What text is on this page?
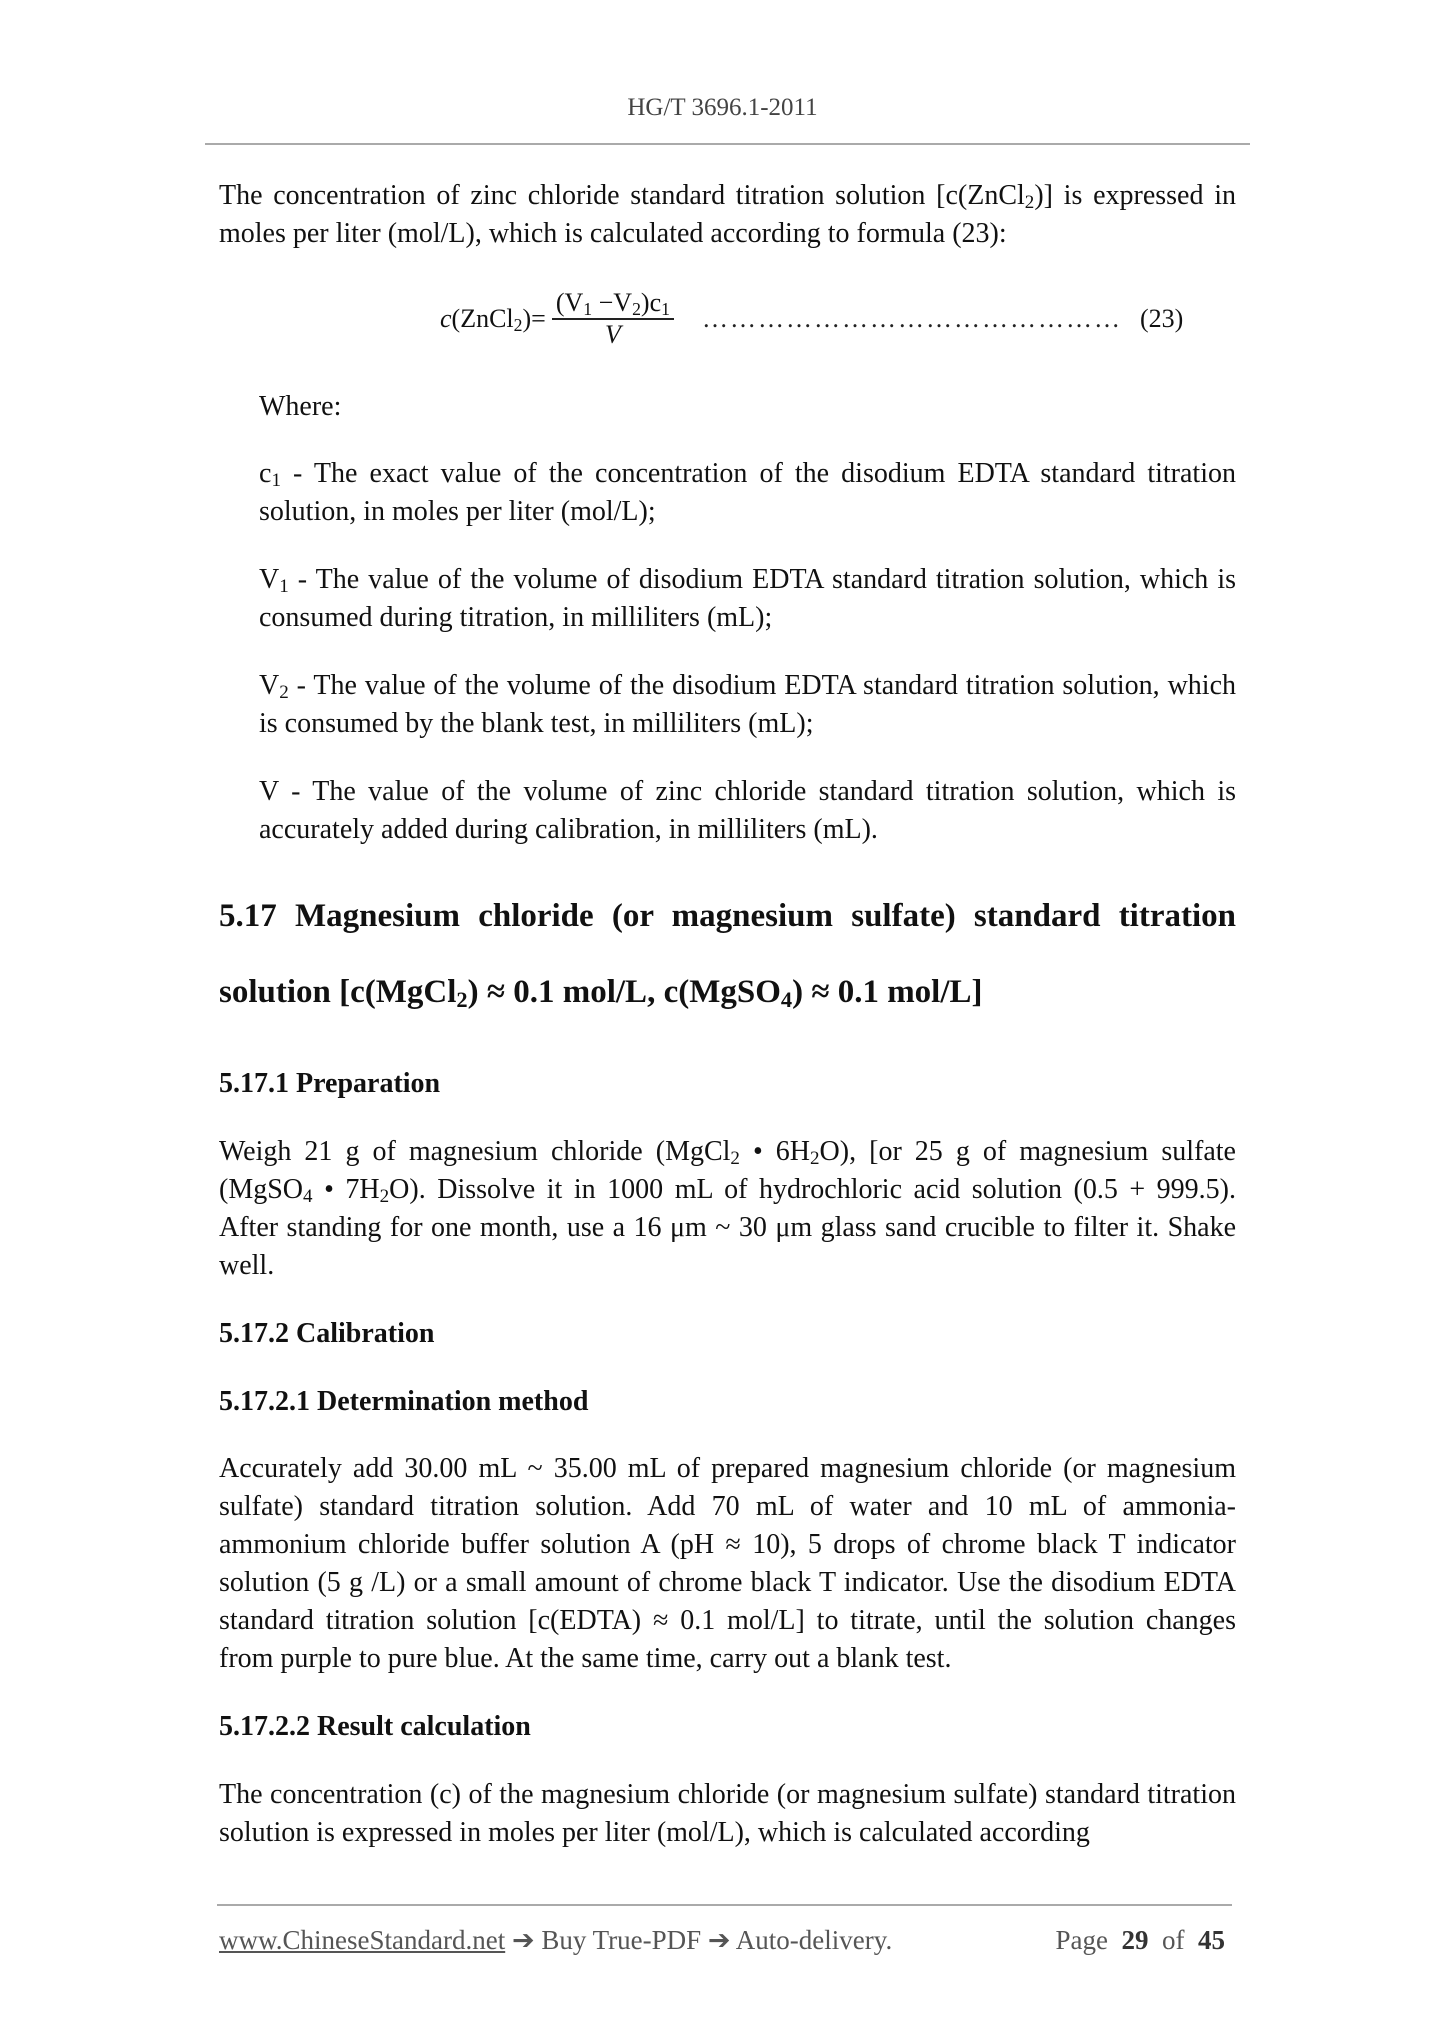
HG/T 3696.1-2011
The concentration of zinc chloride standard titration solution [c(ZnCl$_2$)] is expressed in moles per liter (mol/L), which is calculated according to formula (23):
c(ZnCl$_2$)= $\frac{(V_1 -V_2)c_1}{V}$ ……………………………………… (23)
Where:
$c_1$ - The exact value of the concentration of the disodium EDTA standard titration solution, in moles per liter (mol/L);
$V_1$ - The value of the volume of disodium EDTA standard titration solution, which is consumed during titration, in milliliters (mL);
$V_2$ - The value of the volume of the disodium EDTA standard titration solution, which is consumed by the blank test, in milliliters (mL);
V - The value of the volume of zinc chloride standard titration solution, which is accurately added during calibration, in milliliters (mL).
5.17 Magnesium chloride (or magnesium sulfate) standard titration
solution [c(MgCl$_2$) ≈ 0.1 mol/L, c(MgSO$_4$) ≈ 0.1 mol/L]
5.17.1 Preparation
Weigh 21 g of magnesium chloride (MgCl$_2$ • $6H_2O$), [or 25 g of magnesium sulfate (MgSO$_4$ • $7H_2O$). Dissolve it in 1000 mL of hydrochloric acid solution (0.5 + 999.5). After standing for one month, use a 16 μm ~ 30 μm glass sand crucible to filter it. Shake well.
5.17.2 Calibration
5.17.2.1 Determination method
Accurately add 30.00 mL ~ 35.00 mL of prepared magnesium chloride (or magnesium sulfate) standard titration solution. Add 70 mL of water and 10 mL of ammonia-ammonium chloride buffer solution A (pH ≈ 10), 5 drops of chrome black T indicator solution (5 g /L) or a small amount of chrome black T indicator. Use the disodium EDTA standard titration solution [c(EDTA) ≈ 0.1 mol/L] to titrate, until the solution changes from purple to pure blue. At the same time, carry out a blank test.
5.17.2.2 Result calculation
The concentration (c) of the magnesium chloride (or magnesium sulfate) standard titration solution is expressed in moles per liter (mol/L), which is calculated according
www.ChineseStandard.net ➔ Buy True-PDF ➔ Auto-delivery.	Page 29 of 45
